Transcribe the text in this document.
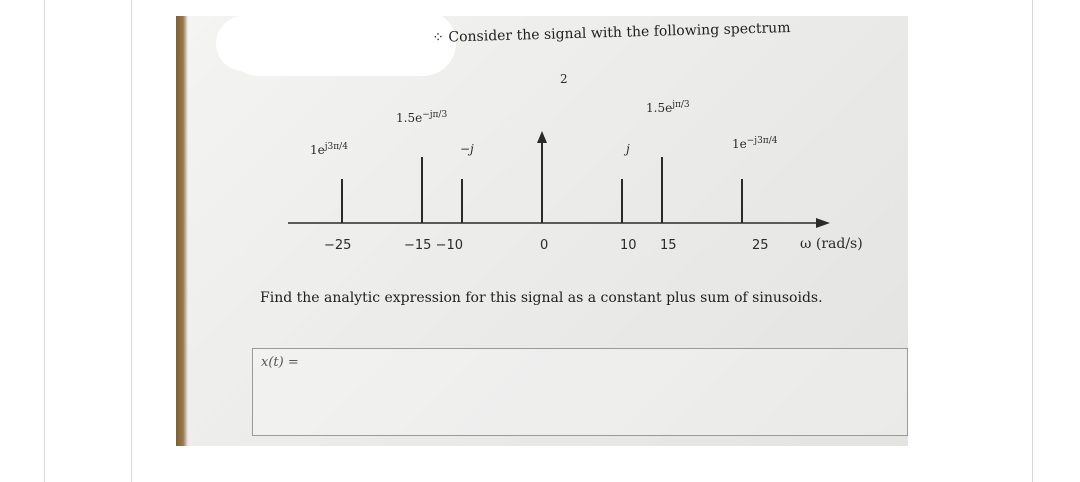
⁘ Consider the signal with the following spectrum
$1e^{j3\pi/4}$
$1.5e^{-j\pi/3}$
−j
2
j
$1.5e^{j\pi/3}$
$1e^{-j3\pi/4}$
−25	−15 −10	0	10 15	25 ω (rad/s)
Find the analytic expression for this signal as a constant plus sum of sinusoids.
x(t) =
